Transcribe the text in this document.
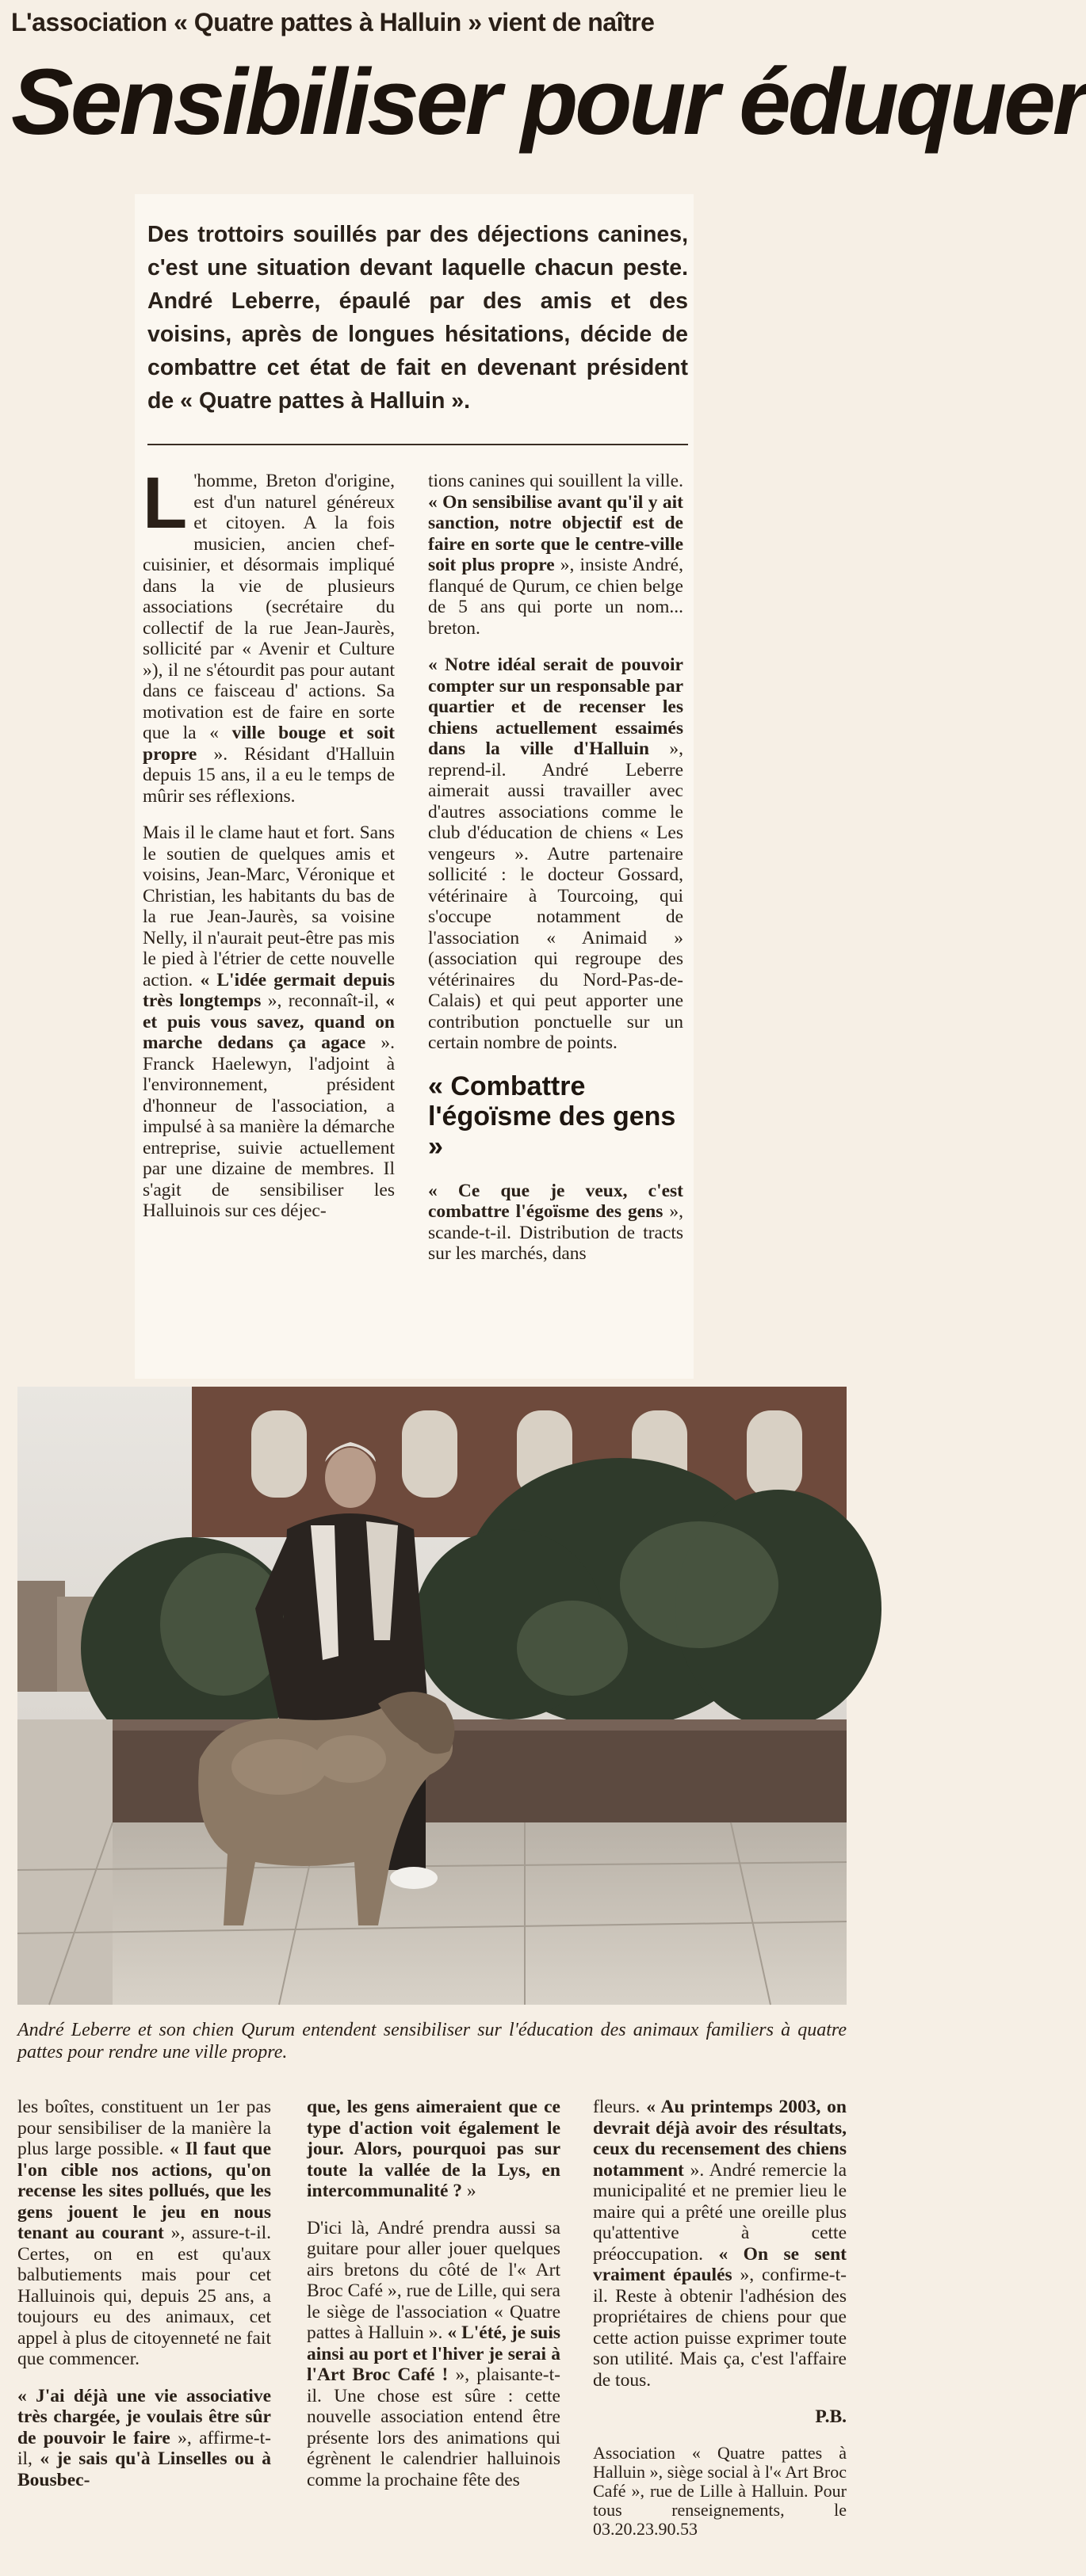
L'association « Quatre pattes à Halluin » vient de naître
Sensibiliser pour éduquer
Des trottoirs souillés par des déjections canines, c'est une situation devant laquelle chacun peste. André Leberre, épaulé par des amis et des voisins, après de longues hésitations, décide de combattre cet état de fait en devenant président de « Quatre pattes à Halluin ».

L 'homme, Breton d'origine, est d'un naturel généreux et citoyen. A la fois musicien, ancien chef-cuisinier, et désormais impliqué dans la vie de plusieurs associations (secrétaire du collectif de la rue Jean-Jaurès, sollicité par « Avenir et Culture »), il ne s'étourdit pas pour autant dans ce faisceau d' actions. Sa motivation est de faire en sorte que la « ville bouge et soit propre ». Résidant d'Halluin depuis 15 ans, il a eu le temps de mûrir ses réflexions.

Mais il le clame haut et fort. Sans le soutien de quelques amis et voisins, Jean-Marc, Véronique et Christian, les habitants du bas de la rue Jean-Jaurès, sa voisine Nelly, il n'aurait peut-être pas mis le pied à l'étrier de cette nouvelle action. « L'idée germait depuis très longtemps », reconnaît-il, « et puis vous savez, quand on marche dedans ça agace ». Franck Haelewyn, l'adjoint à l'environnement, président d'honneur de l'association, a impulsé à sa manière la démarche entreprise, suivie actuellement par une dizaine de membres. Il s'agit de sensibiliser les Halluinois sur ces déjec-

tions canines qui souillent la ville. « On sensibilise avant qu'il y ait sanction, notre objectif est de faire en sorte que le centre-ville soit plus propre », insiste André, flanqué de Qurum, ce chien belge de 5 ans qui porte un nom... breton.

« Notre idéal serait de pouvoir compter sur un responsable par quartier et de recenser les chiens actuellement essaimés dans la ville d'Halluin », reprend-il. André Leberre aimerait aussi travailler avec d'autres associations comme le club d'éducation de chiens « Les vengeurs ». Autre partenaire sollicité : le docteur Gossard, vétérinaire à Tourcoing, qui s'occupe notamment de l'association « Animaid » (association qui regroupe des vétérinaires du Nord-Pas-de-Calais) et qui peut apporter une contribution ponctuelle sur un certain nombre de points.

« Combattre l'égoïsme des gens »

« Ce que je veux, c'est combattre l'égoïsme des gens », scande-t-il. Distribution de tracts sur les marchés, dans

André Leberre et son chien Qurum entendent sensibiliser sur l'éducation des animaux familiers à quatre pattes pour rendre une ville propre.

les boîtes, constituent un 1er pas pour sensibiliser de la manière la plus large possible. « Il faut que l'on cible nos actions, qu'on recense les sites pollués, que les gens jouent le jeu en nous tenant au courant », assure-t-il. Certes, on en est qu'aux balbutiements mais pour cet Halluinois qui, depuis 25 ans, a toujours eu des animaux, cet appel à plus de citoyenneté ne fait que commencer.

« J'ai déjà une vie associative très chargée, je voulais être sûr de pouvoir le faire », affirme-t-il, « je sais qu'à Linselles ou à Bousbec-

que, les gens aimeraient que ce type d'action voit également le jour. Alors, pourquoi pas sur toute la vallée de la Lys, en intercommunalité ? »

D'ici là, André prendra aussi sa guitare pour aller jouer quelques airs bretons du côté de l'« Art Broc Café », rue de Lille, qui sera le siège de l'association « Quatre pattes à Halluin ». « L'été, je suis ainsi au port et l'hiver je serai à l'Art Broc Café ! », plaisante-t-il. Une chose est sûre : cette nouvelle association entend être présente lors des animations qui égrènent le calendrier halluinois comme la prochaine fête des

fleurs. « Au printemps 2003, on devrait déjà avoir des résultats, ceux du recensement des chiens notamment ». André remercie la municipalité et ne premier lieu le maire qui a prêté une oreille plus qu'attentive à cette préoccupation. « On se sent vraiment épaulés », confirme-t-il. Reste à obtenir l'adhésion des propriétaires de chiens pour que cette action puisse exprimer toute son utilité. Mais ça, c'est l'affaire de tous.

P.B.

Association « Quatre pattes à Halluin », siège social à l'« Art Broc Café », rue de Lille à Halluin. Pour tous renseignements, le 03.20.23.90.53
